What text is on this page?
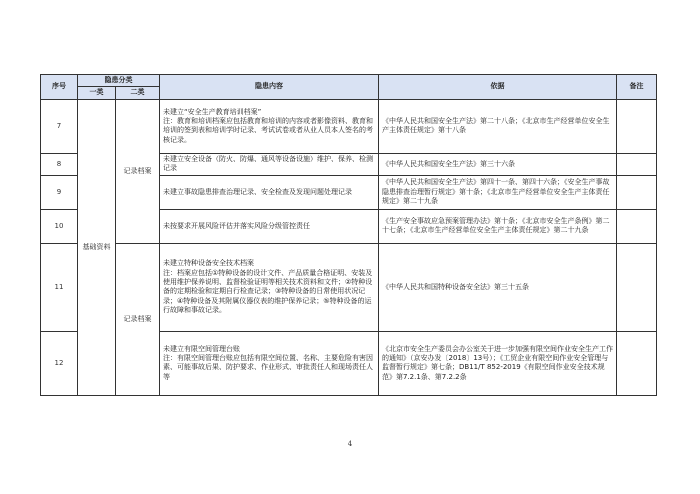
序号	隐患分类		隐患内容	依据	备注
	一类	二类			
7	基础资料	记录档案	未建立“安全生产教育培训档案”
注：教育和培训档案应包括教育和培训的内容或者影像资料、教育和培训的签到表和培训学时记录、考试试卷或者从业人员本人签名的考核记录。	《中华人民共和国安全生产法》第二十八条；《北京市生产经营单位安全生产主体责任规定》第十八条	
8			未建立安全设备（防火、防爆、通风等设备设施）维护、保养、检测记录	《中华人民共和国安全生产法》第三十六条	
9			未建立事故隐患排查治理记录、安全检查及发现问题处理记录	《中华人民共和国安全生产法》第四十一条、第四十六条；《安全生产事故隐患排查治理暂行规定》第十条；《北京市生产经营单位安全生产主体责任规定》第二十九条	
10			未按要求开展风险评估并落实风险分级管控责任	《生产安全事故应急预案管理办法》第十条；《北京市安全生产条例》第二十七条；《北京市生产经营单位安全生产主体责任规定》第二十九条	
11		记录档案	未建立特种设备安全技术档案
注：档案应包括①特种设备的设计文件、产品质量合格证明、安装及使用维护保养说明、监督检验证明等相关技术资料和文件；②特种设备的定期检验和定期自行检查记录；③特种设备的日常使用状况记录；④特种设备及其附属仪器仪表的维护保养记录；⑤特种设备的运行故障和事故记录。	《中华人民共和国特种设备安全法》第三十五条	
12			未建立有限空间管理台账
注：有限空间管理台账应包括有限空间位置、名称、主要危险有害因素、可能事故后果、防护要求、作业形式、审批责任人和现场责任人等	《北京市安全生产委员会办公室关于进一步加强有限空间作业安全生产工作的通知》（京安办发〔2018〕13号）；《工贸企业有限空间作业安全管理与监督暂行规定》第七条；DB11/T 852-2019《有限空间作业安全技术规范》第7.2.1条、第7.2.2条	
4
